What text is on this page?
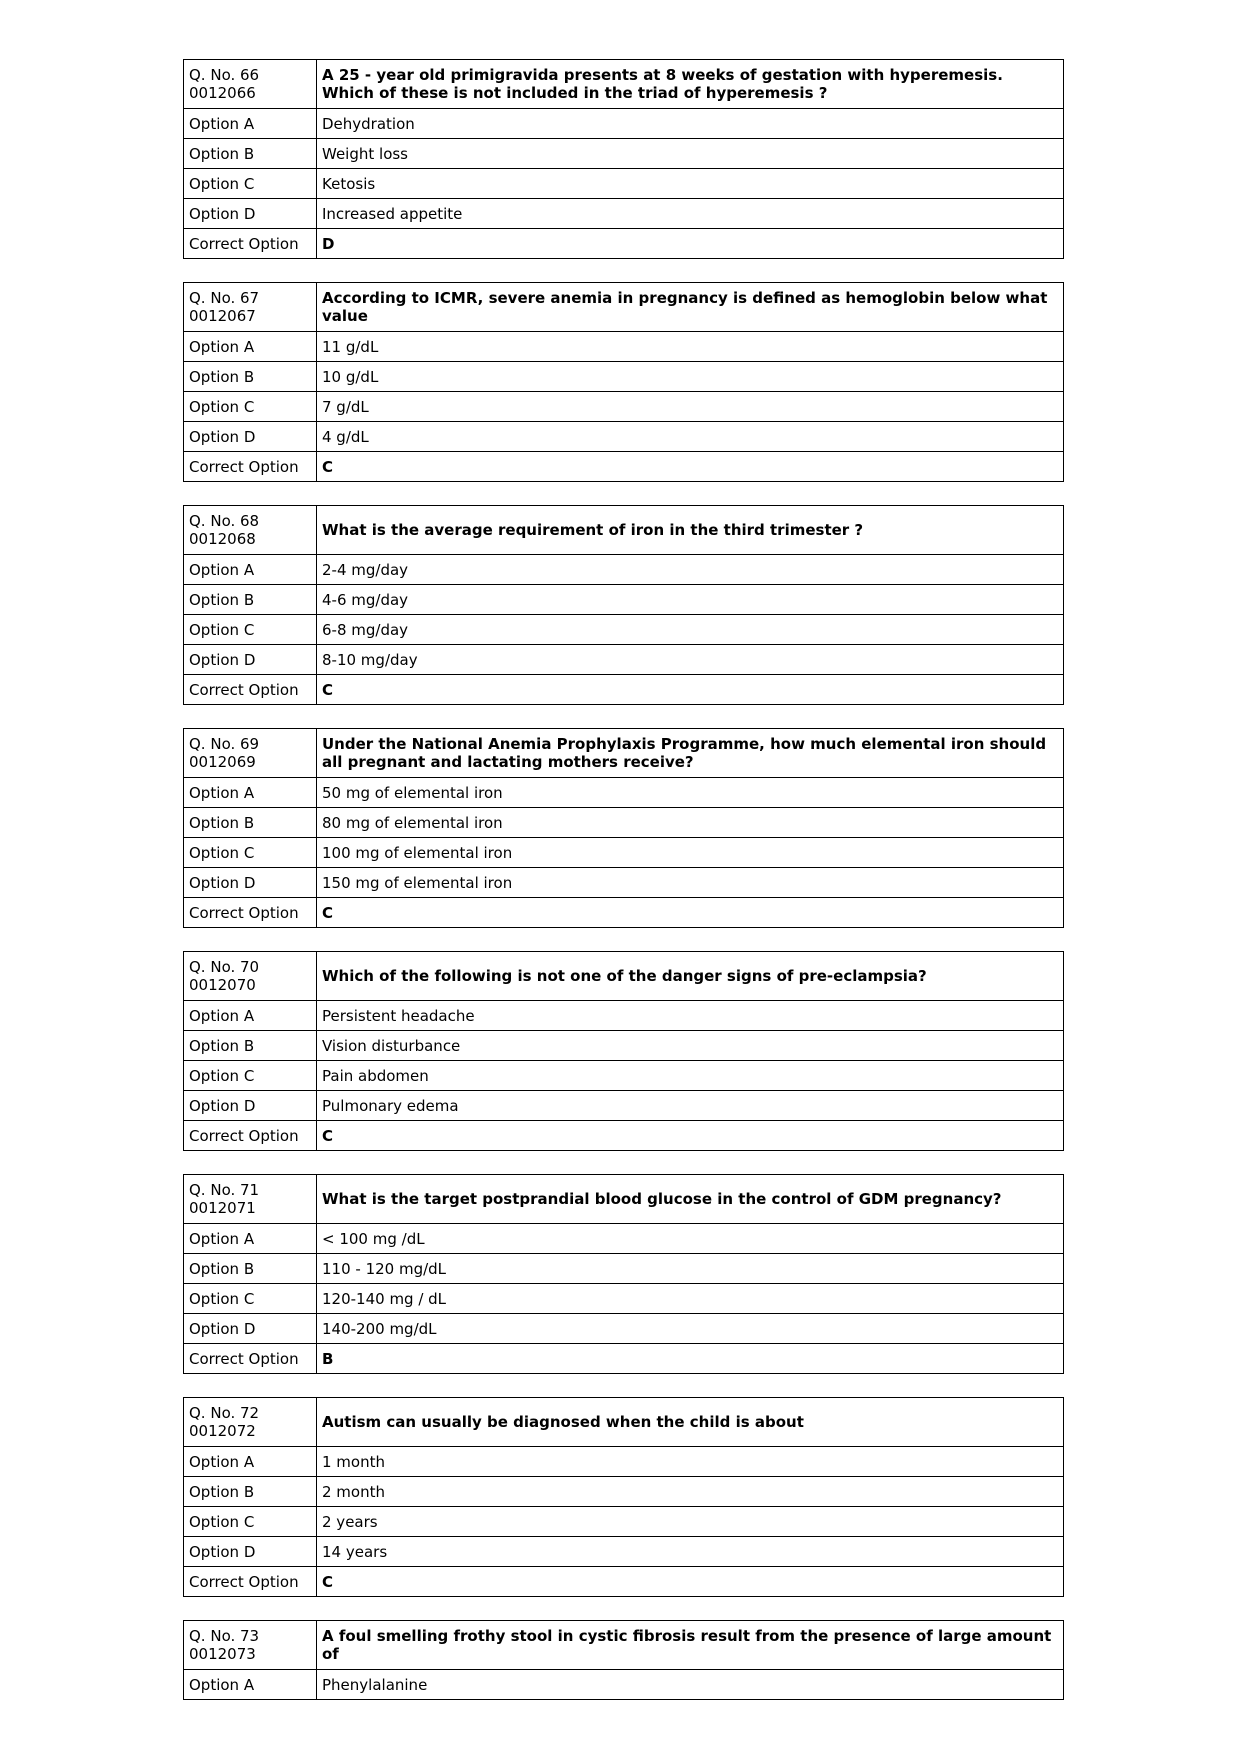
Q. No. 66
0012066	A 25 - year old primigravida presents at 8 weeks of gestation with hyperemesis. Which of these is not included in the triad of hyperemesis ?
Option A	Dehydration
Option B	Weight loss
Option C	Ketosis
Option D	Increased appetite
Correct Option	D
Q. No. 67
0012067	According to ICMR, severe anemia in pregnancy is defined as hemoglobin below what value
Option A	11 g/dL
Option B	10 g/dL
Option C	7 g/dL
Option D	4 g/dL
Correct Option	C
Q. No. 68
0012068	What is the average requirement of iron in the third trimester ?
Option A	2-4 mg/day
Option B	4-6 mg/day
Option C	6-8 mg/day
Option D	8-10 mg/day
Correct Option	C
Q. No. 69
0012069	Under the National Anemia Prophylaxis Programme, how much elemental iron should all pregnant and lactating mothers receive?
Option A	50 mg of elemental iron
Option B	80 mg of elemental iron
Option C	100 mg of elemental iron
Option D	150 mg of elemental iron
Correct Option	C
Q. No. 70
0012070	Which of the following is not one of the danger signs of pre-eclampsia?
Option A	Persistent headache
Option B	Vision disturbance
Option C	Pain abdomen
Option D	Pulmonary edema
Correct Option	C
Q. No. 71
0012071	What is the target postprandial blood glucose in the control of GDM pregnancy?
Option A	< 100 mg /dL
Option B	110 - 120 mg/dL
Option C	120-140 mg / dL
Option D	140-200 mg/dL
Correct Option	B
Q. No. 72
0012072	Autism can usually be diagnosed when the child is about
Option A	1 month
Option B	2 month
Option C	2 years
Option D	14 years
Correct Option	C
Q. No. 73
0012073	A foul smelling frothy stool in cystic fibrosis result from the presence of large amount of
Option A	Phenylalanine
